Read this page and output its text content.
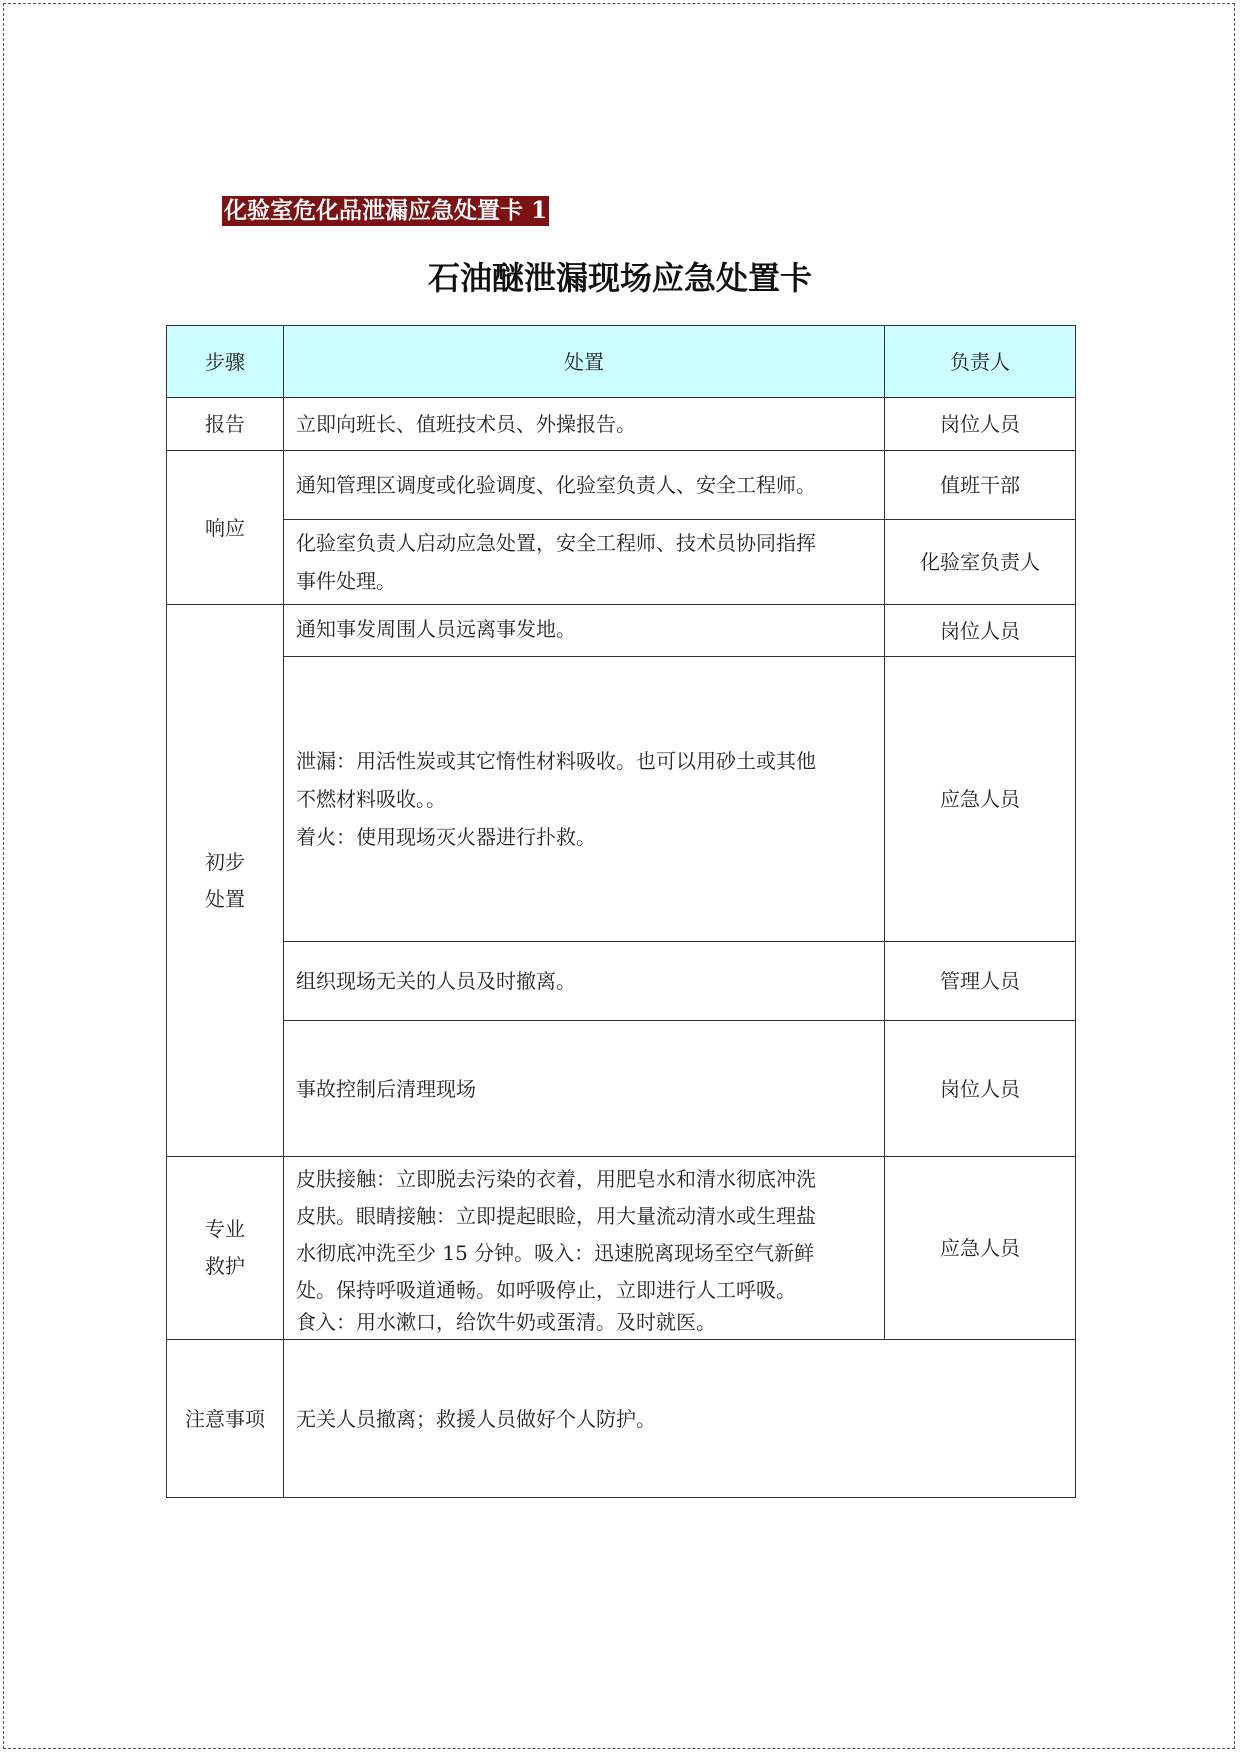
化验室危化品泄漏应急处置卡 1
石油醚泄漏现场应急处置卡
步骤	处置	负责人
报告	立即向班长、值班技术员、外操报告。	岗位人员
响应	通知管理区调度或化验调度、化验室负责人、安全工程师。	值班干部

	化验室负责人启动应急处置，安全工程师、技术员协同指挥
事件处理。	化验室负责人

初步
处置	通知事发周围人员远离事发地。	岗位人员

	泄漏：用活性炭或其它惰性材料吸收。也可以用砂土或其他
不燃材料吸收。。
着火：使用现场灭火器进行扑救。	应急人员
	组织现场无关的人员及时撤离。	管理人员
	事故控制后清理现场	岗位人员

专业
救护	皮肤接触：立即脱去污染的衣着，用肥皂水和清水彻底冲洗
皮肤。眼睛接触：立即提起眼睑，用大量流动清水或生理盐
水彻底冲洗至少 15 分钟。吸入：迅速脱离现场至空气新鲜
处。保持呼吸道通畅。如呼吸停止，立即进行人工呼吸。
食入：用水漱口，给饮牛奶或蛋清。及时就医。	应急人员
注意事项	无关人员撤离；救援人员做好个人防护。	
